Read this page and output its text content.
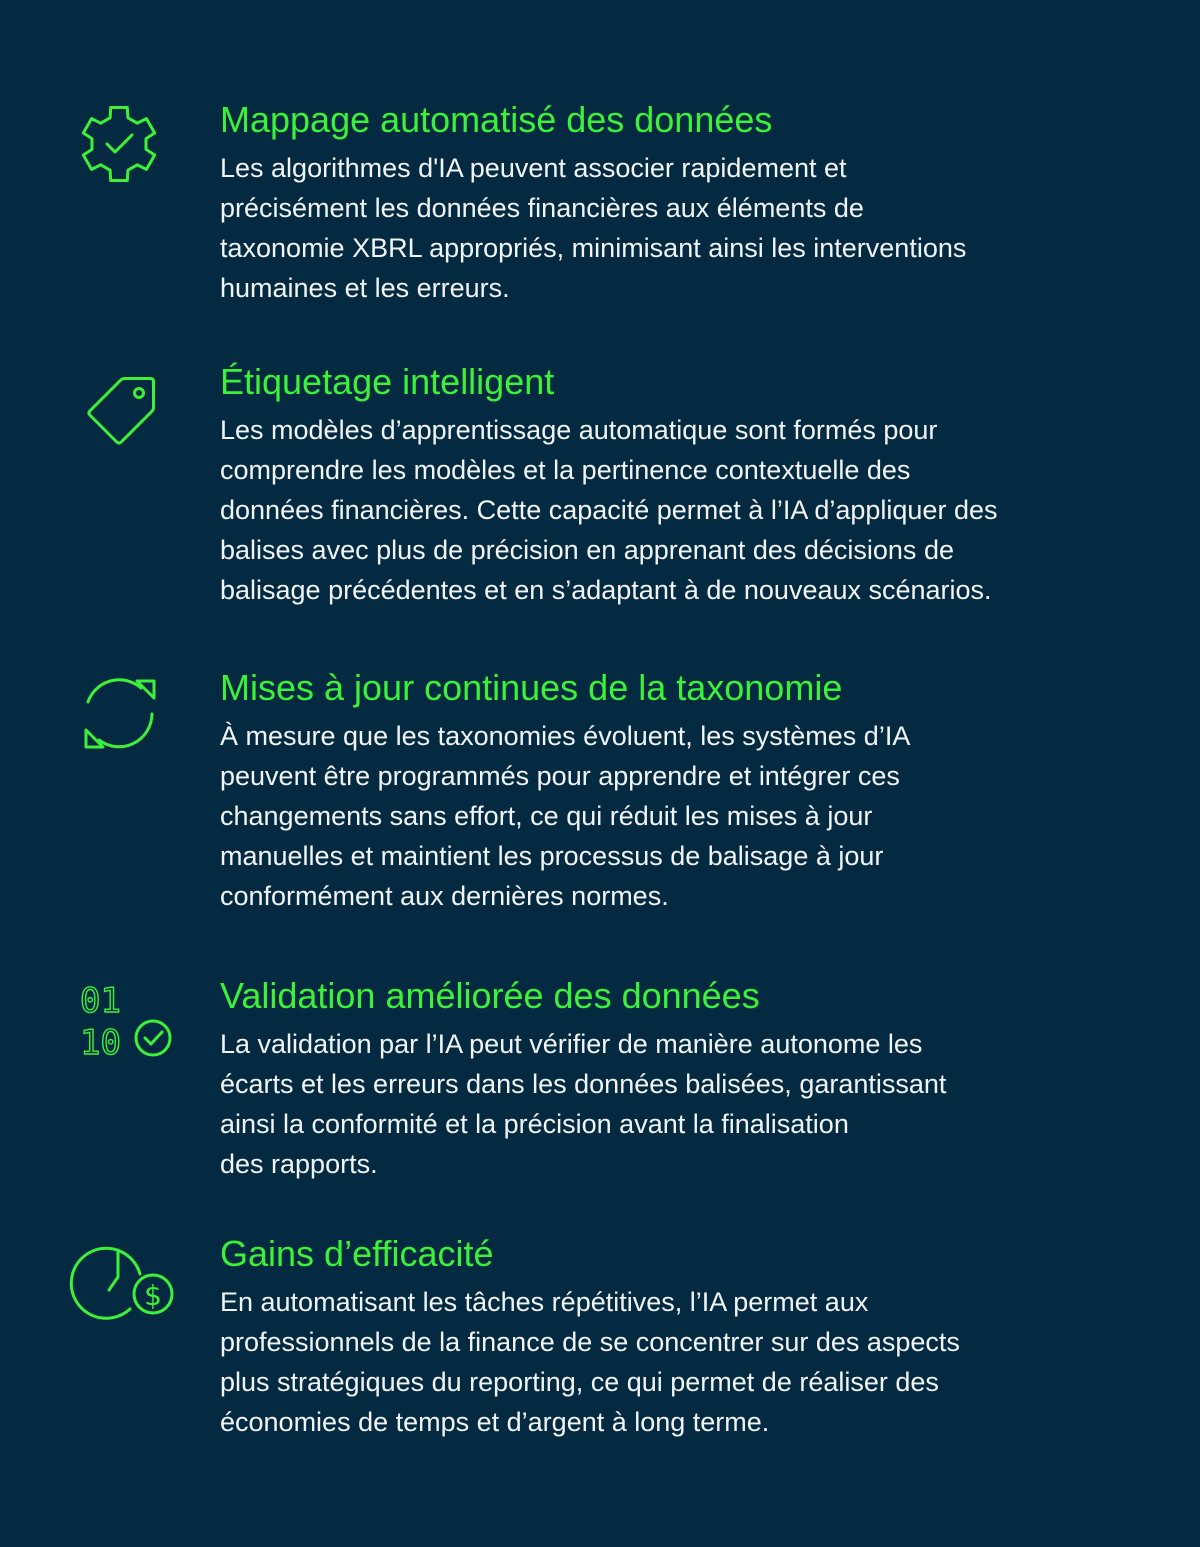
Mappage automatisé des données

Les algorithmes d'IA peuvent associer rapidement et
précisément les données financières aux éléments de
taxonomie XBRL appropriés, minimisant ainsi les interventions
humaines et les erreurs.

Étiquetage intelligent

Les modèles d’apprentissage automatique sont formés pour
comprendre les modèles et la pertinence contextuelle des
données financières. Cette capacité permet à l’IA d’appliquer des
balises avec plus de précision en apprenant des décisions de
balisage précédentes et en s’adaptant à de nouveaux scénarios.

Mises à jour continues de la taxonomie

À mesure que les taxonomies évoluent, les systèmes d’IA
peuvent être programmés pour apprendre et intégrer ces
changements sans effort, ce qui réduit les mises à jour
manuelles et maintient les processus de balisage à jour
conformément aux dernières normes.

01
10
Validation améliorée des données

La validation par l’IA peut vérifier de manière autonome les
écarts et les erreurs dans les données balisées, garantissant
ainsi la conformité et la précision avant la finalisation
des rapports.

$
Gains d’efficacité

En automatisant les tâches répétitives, l’IA permet aux
professionnels de la finance de se concentrer sur des aspects
plus stratégiques du reporting, ce qui permet de réaliser des
économies de temps et d’argent à long terme.
